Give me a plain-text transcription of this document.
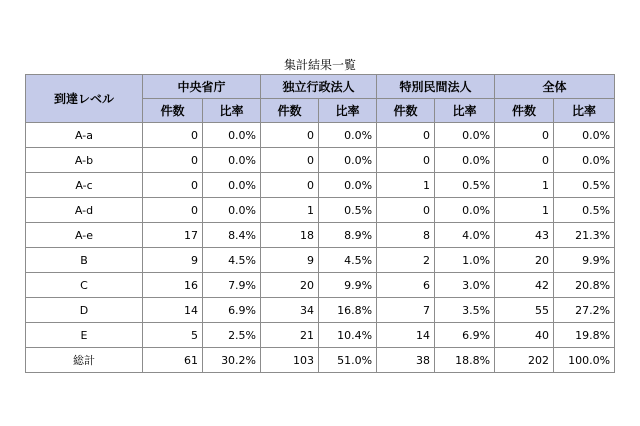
集計結果一覧
到達レベル	中央省庁		独立行政法人		特別民間法人		全体	
	件数	比率	件数	比率	件数	比率	件数	比率
A-a	0	0.0%	0	0.0%	0	0.0%	0	0.0%
A-b	0	0.0%	0	0.0%	0	0.0%	0	0.0%
A-c	0	0.0%	0	0.0%	1	0.5%	1	0.5%
A-d	0	0.0%	1	0.5%	0	0.0%	1	0.5%
A-e	17	8.4%	18	8.9%	8	4.0%	43	21.3%
B	9	4.5%	9	4.5%	2	1.0%	20	9.9%
C	16	7.9%	20	9.9%	6	3.0%	42	20.8%
D	14	6.9%	34	16.8%	7	3.5%	55	27.2%
E	5	2.5%	21	10.4%	14	6.9%	40	19.8%
総計	61	30.2%	103	51.0%	38	18.8%	202	100.0%
